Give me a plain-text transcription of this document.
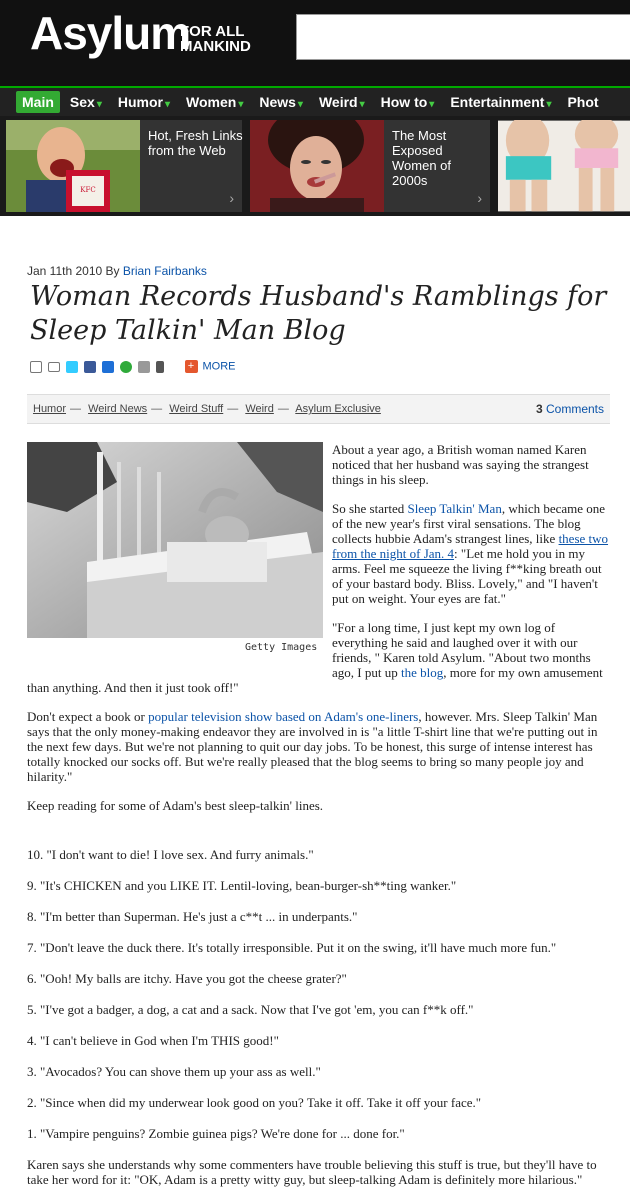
Asylum
FOR ALL
MANKIND
Main Sex ▾ Humor ▾ Women ▾ News ▾ Weird ▾ How to ▾ Entertainment ▾ Phot
KFC
Hot, Fresh Links from the Web
›
The Most Exposed Women of 2000s
›
Jan 11th 2010 By Brian Fairbanks
Woman Records Husband's Ramblings for Sleep Talkin' Man Blog
+ MORE
Humor — Weird News — Weird Stuff — Weird — Asylum Exclusive	3 Comments
Getty Images

About a year ago, a British woman named Karen noticed that her husband was saying the strangest things in his sleep.

So she started Sleep Talkin' Man, which became one of the new year's first viral sensations. The blog collects hubbie Adam's strangest lines, like these two from the night of Jan. 4: "Let me hold you in my arms. Feel me squeeze the living f**king breath out of your bastard body. Bliss. Lovely," and "I haven't put on weight. Your eyes are fat."

"For a long time, I just kept my own log of everything he said and laughed over it with our friends, " Karen told Asylum. "About two months ago, I put up the blog, more for my own amusement than anything. And then it just took off!"

Don't expect a book or popular television show based on Adam's one-liners, however. Mrs. Sleep Talkin' Man says that the only money-making endeavor they are involved in is "a little T-shirt line that we're putting out in the next few days. But we're not planning to quit our day jobs. To be honest, this surge of intense interest has totally knocked our socks off. But we're really pleased that the blog seems to bring so many people joy and hilarity."

Keep reading for some of Adam's best sleep-talkin' lines.

10. "I don't want to die! I love sex. And furry animals."

9. "It's CHICKEN and you LIKE IT. Lentil-loving, bean-burger-sh**ting wanker."

8. "I'm better than Superman. He's just a c**t ... in underpants."

7. "Don't leave the duck there. It's totally irresponsible. Put it on the swing, it'll have much more fun."

6. "Ooh! My balls are itchy. Have you got the cheese grater?"

5. "I've got a badger, a dog, a cat and a sack. Now that I've got 'em, you can f**k off."

4. "I can't believe in God when I'm THIS good!"

3. "Avocados? You can shove them up your ass as well."

2. "Since when did my underwear look good on you? Take it off. Take it off your face."

1. "Vampire penguins? Zombie guinea pigs? We're done for ... done for."

Karen says she understands why some commenters have trouble believing this stuff is true, but they'll have to take her word for it: "OK, Adam is a pretty witty guy, but sleep-talking Adam is definitely more hilarious."
